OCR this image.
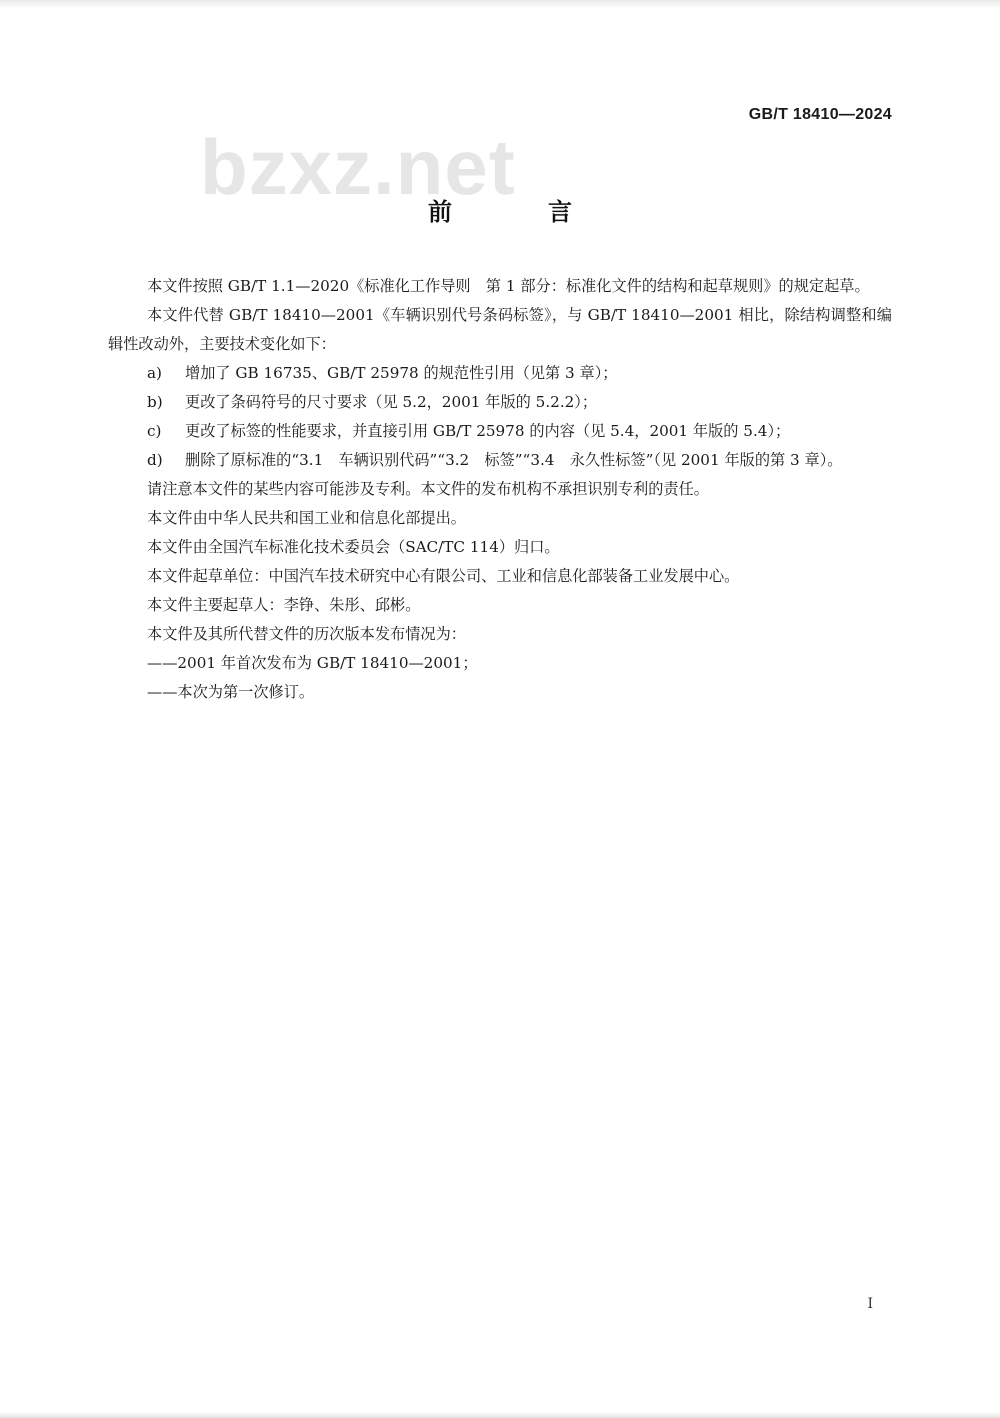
GB/T 18410—2024
bzxz.net
前　言

本文件按照 GB/T 1.1—2020《标准化工作导则　第 1 部分：标准化文件的结构和起草规则》的规定起草。

本文件代替 GB/T 18410—2001《车辆识别代号条码标签》，与 GB/T 18410—2001 相比，除结构调整和编辑性改动外，主要技术变化如下：

a) 增加了 GB 16735、GB/T 25978 的规范性引用（见第 3 章）；

b) 更改了条码符号的尺寸要求（见 5.2，2001 年版的 5.2.2）；

c) 更改了标签的性能要求，并直接引用 GB/T 25978 的内容（见 5.4，2001 年版的 5.4）；

d) 删除了原标准的“3.1　车辆识别代码”“3.2　标签”“3.4　永久性标签”（见 2001 年版的第 3 章）。

请注意本文件的某些内容可能涉及专利。本文件的发布机构不承担识别专利的责任。

本文件由中华人民共和国工业和信息化部提出。

本文件由全国汽车标准化技术委员会（SAC/TC 114）归口。

本文件起草单位：中国汽车技术研究中心有限公司、工业和信息化部装备工业发展中心。

本文件主要起草人：李铮、朱彤、邱彬。

本文件及其所代替文件的历次版本发布情况为：

——2001 年首次发布为 GB/T 18410—2001；

——本次为第一次修订。

I
